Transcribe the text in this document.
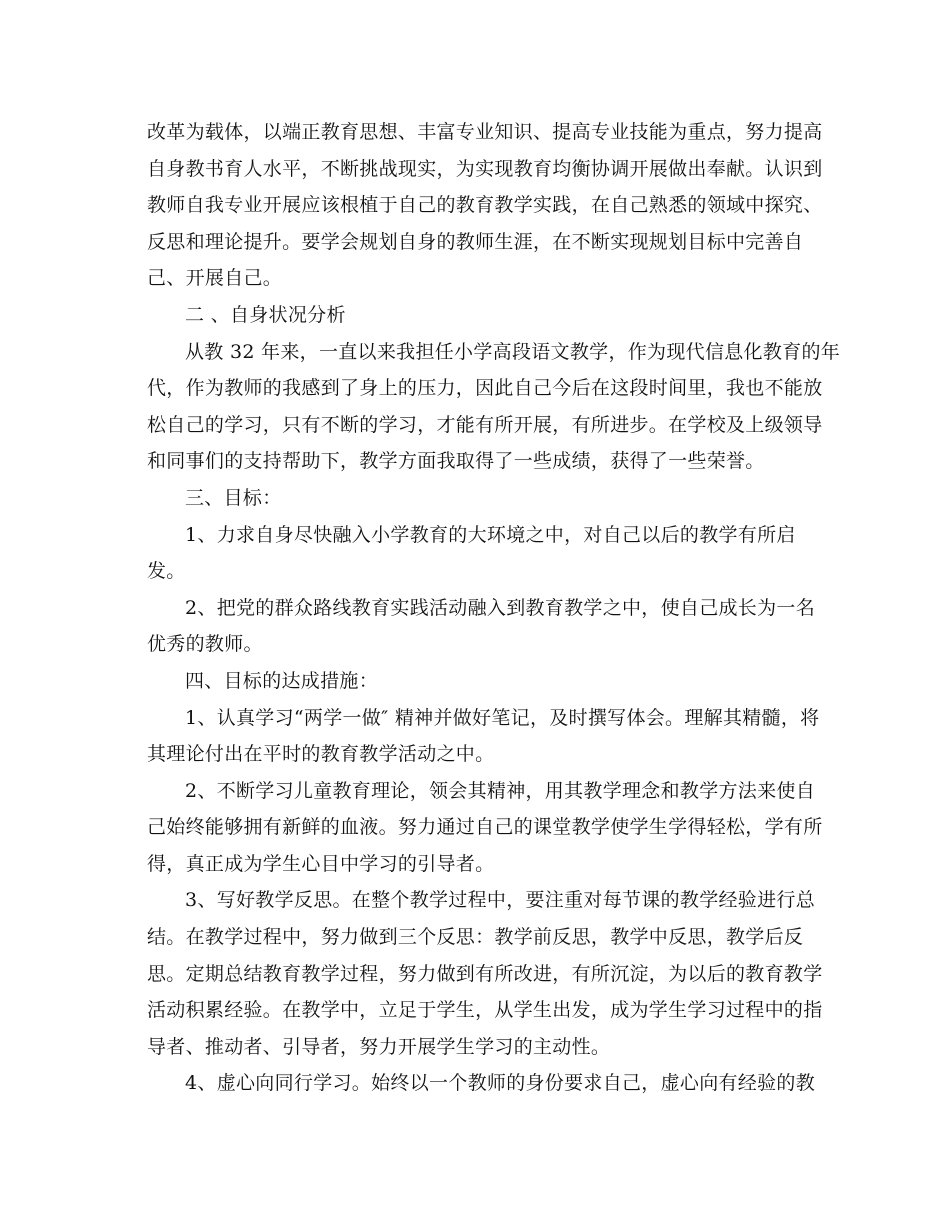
改革为载体，以端正教育思想、丰富专业知识、提高专业技能为重点，努力提高
自身教书育人水平，不断挑战现实，为实现教育均衡协调开展做出奉献。认识到
教师自我专业开展应该根植于自己的教育教学实践，在自己熟悉的领域中探究、
反思和理论提升。要学会规划自身的教师生涯，在不断实现规划目标中完善自
己、开展自己。
二 、自身状况分析
从教 32 年来，一直以来我担任小学高段语文教学，作为现代信息化教育的年
代，作为教师的我感到了身上的压力，因此自己今后在这段时间里，我也不能放
松自己的学习，只有不断的学习，才能有所开展，有所进步。在学校及上级领导
和同事们的支持帮助下，教学方面我取得了一些成绩，获得了一些荣誉。
三、目标：
1、力求自身尽快融入小学教育的大环境之中，对自己以后的教学有所启
发。
2、把党的群众路线教育实践活动融入到教育教学之中，使自己成长为一名
优秀的教师。
四、目标的达成措施：
1、认真学习“两学一做″ 精神并做好笔记，及时撰写体会。理解其精髓，将
其理论付出在平时的教育教学活动之中。
2、不断学习儿童教育理论，领会其精神，用其教学理念和教学方法来使自
己始终能够拥有新鲜的血液。努力通过自己的课堂教学使学生学得轻松，学有所
得，真正成为学生心目中学习的引导者。
3、写好教学反思。在整个教学过程中，要注重对每节课的教学经验进行总
结。在教学过程中，努力做到三个反思：教学前反思，教学中反思，教学后反
思。定期总结教育教学过程，努力做到有所改进，有所沉淀，为以后的教育教学
活动积累经验。在教学中，立足于学生，从学生出发，成为学生学习过程中的指
导者、推动者、引导者，努力开展学生学习的主动性。
4、虚心向同行学习。始终以一个教师的身份要求自己，虚心向有经验的教
